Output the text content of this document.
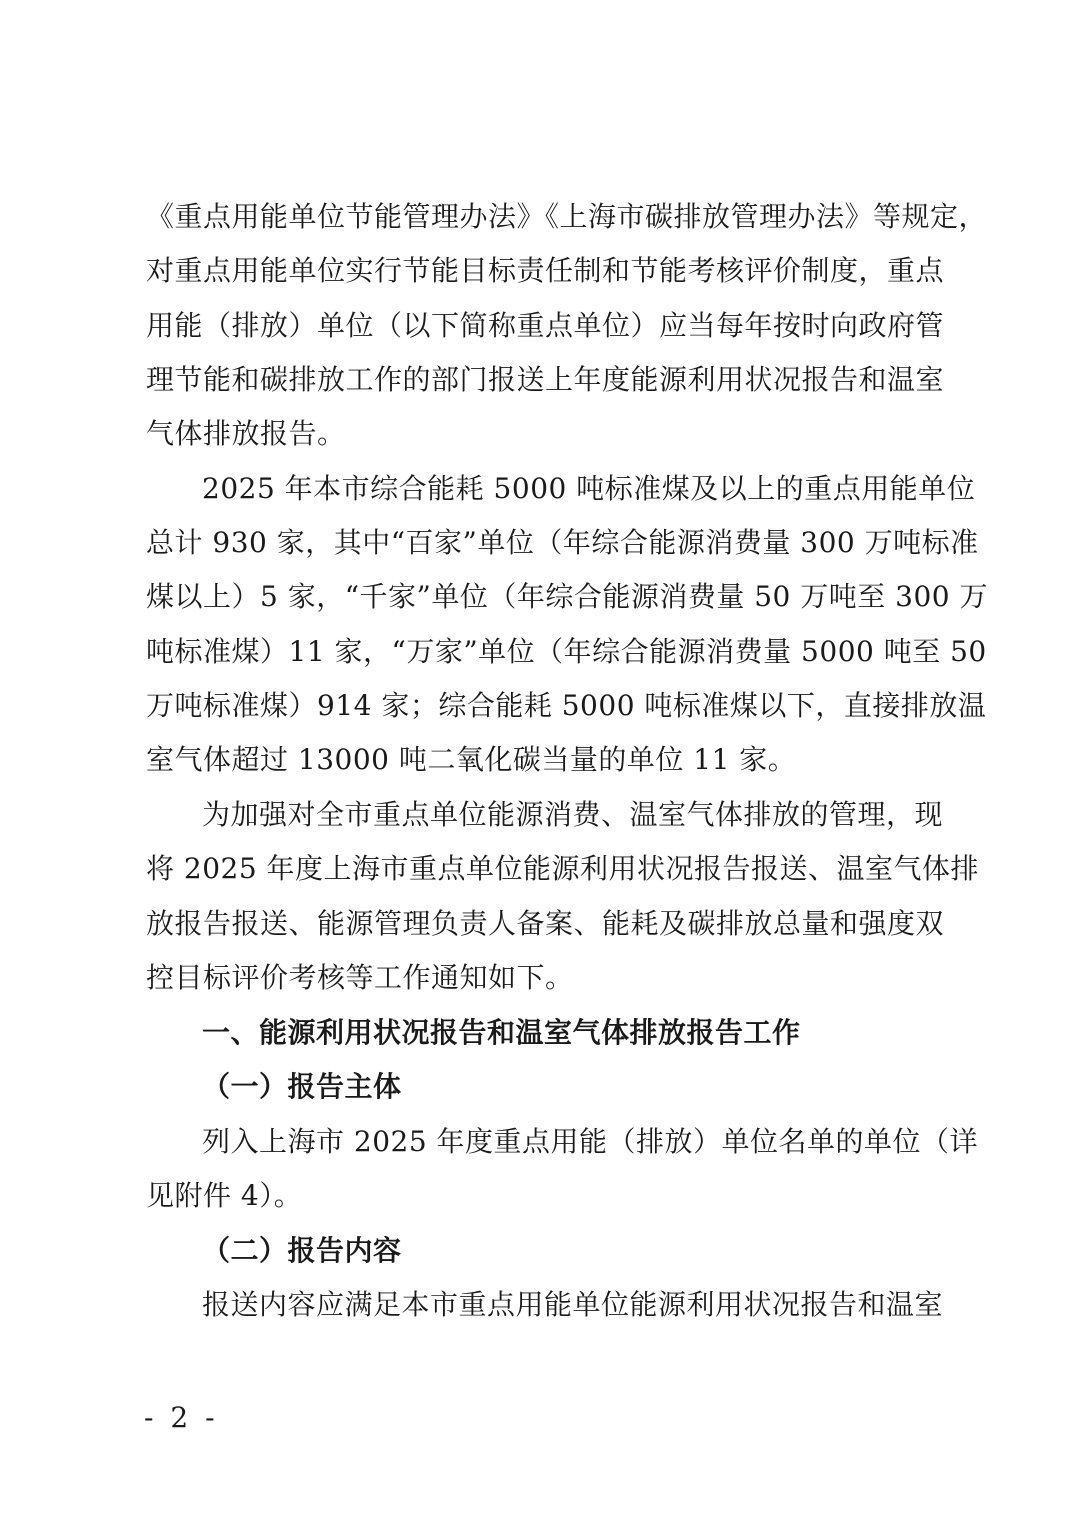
《重点用能单位节能管理办法》《上海市碳排放管理办法》等规定，
对重点用能单位实行节能目标责任制和节能考核评价制度，重点
用能（排放）单位（以下简称重点单位）应当每年按时向政府管
理节能和碳排放工作的部门报送上年度能源利用状况报告和温室
气体排放报告。
2025 年本市综合能耗 5000 吨标准煤及以上的重点用能单位
总计 930 家，其中“百家”单位（年综合能源消费量 300 万吨标准
煤以上）5 家，“千家”单位（年综合能源消费量 50 万吨至 300 万
吨标准煤）11 家，“万家”单位（年综合能源消费量 5000 吨至 50
万吨标准煤）914 家；综合能耗 5000 吨标准煤以下，直接排放温
室气体超过 13000 吨二氧化碳当量的单位 11 家。
为加强对全市重点单位能源消费、温室气体排放的管理，现
将 2025 年度上海市重点单位能源利用状况报告报送、温室气体排
放报告报送、能源管理负责人备案、能耗及碳排放总量和强度双
控目标评价考核等工作通知如下。
一、能源利用状况报告和温室气体排放报告工作
（一）报告主体
列入上海市 2025 年度重点用能（排放）单位名单的单位（详
见附件 4）。
（二）报告内容
报送内容应满足本市重点用能单位能源利用状况报告和温室
- 2 -
